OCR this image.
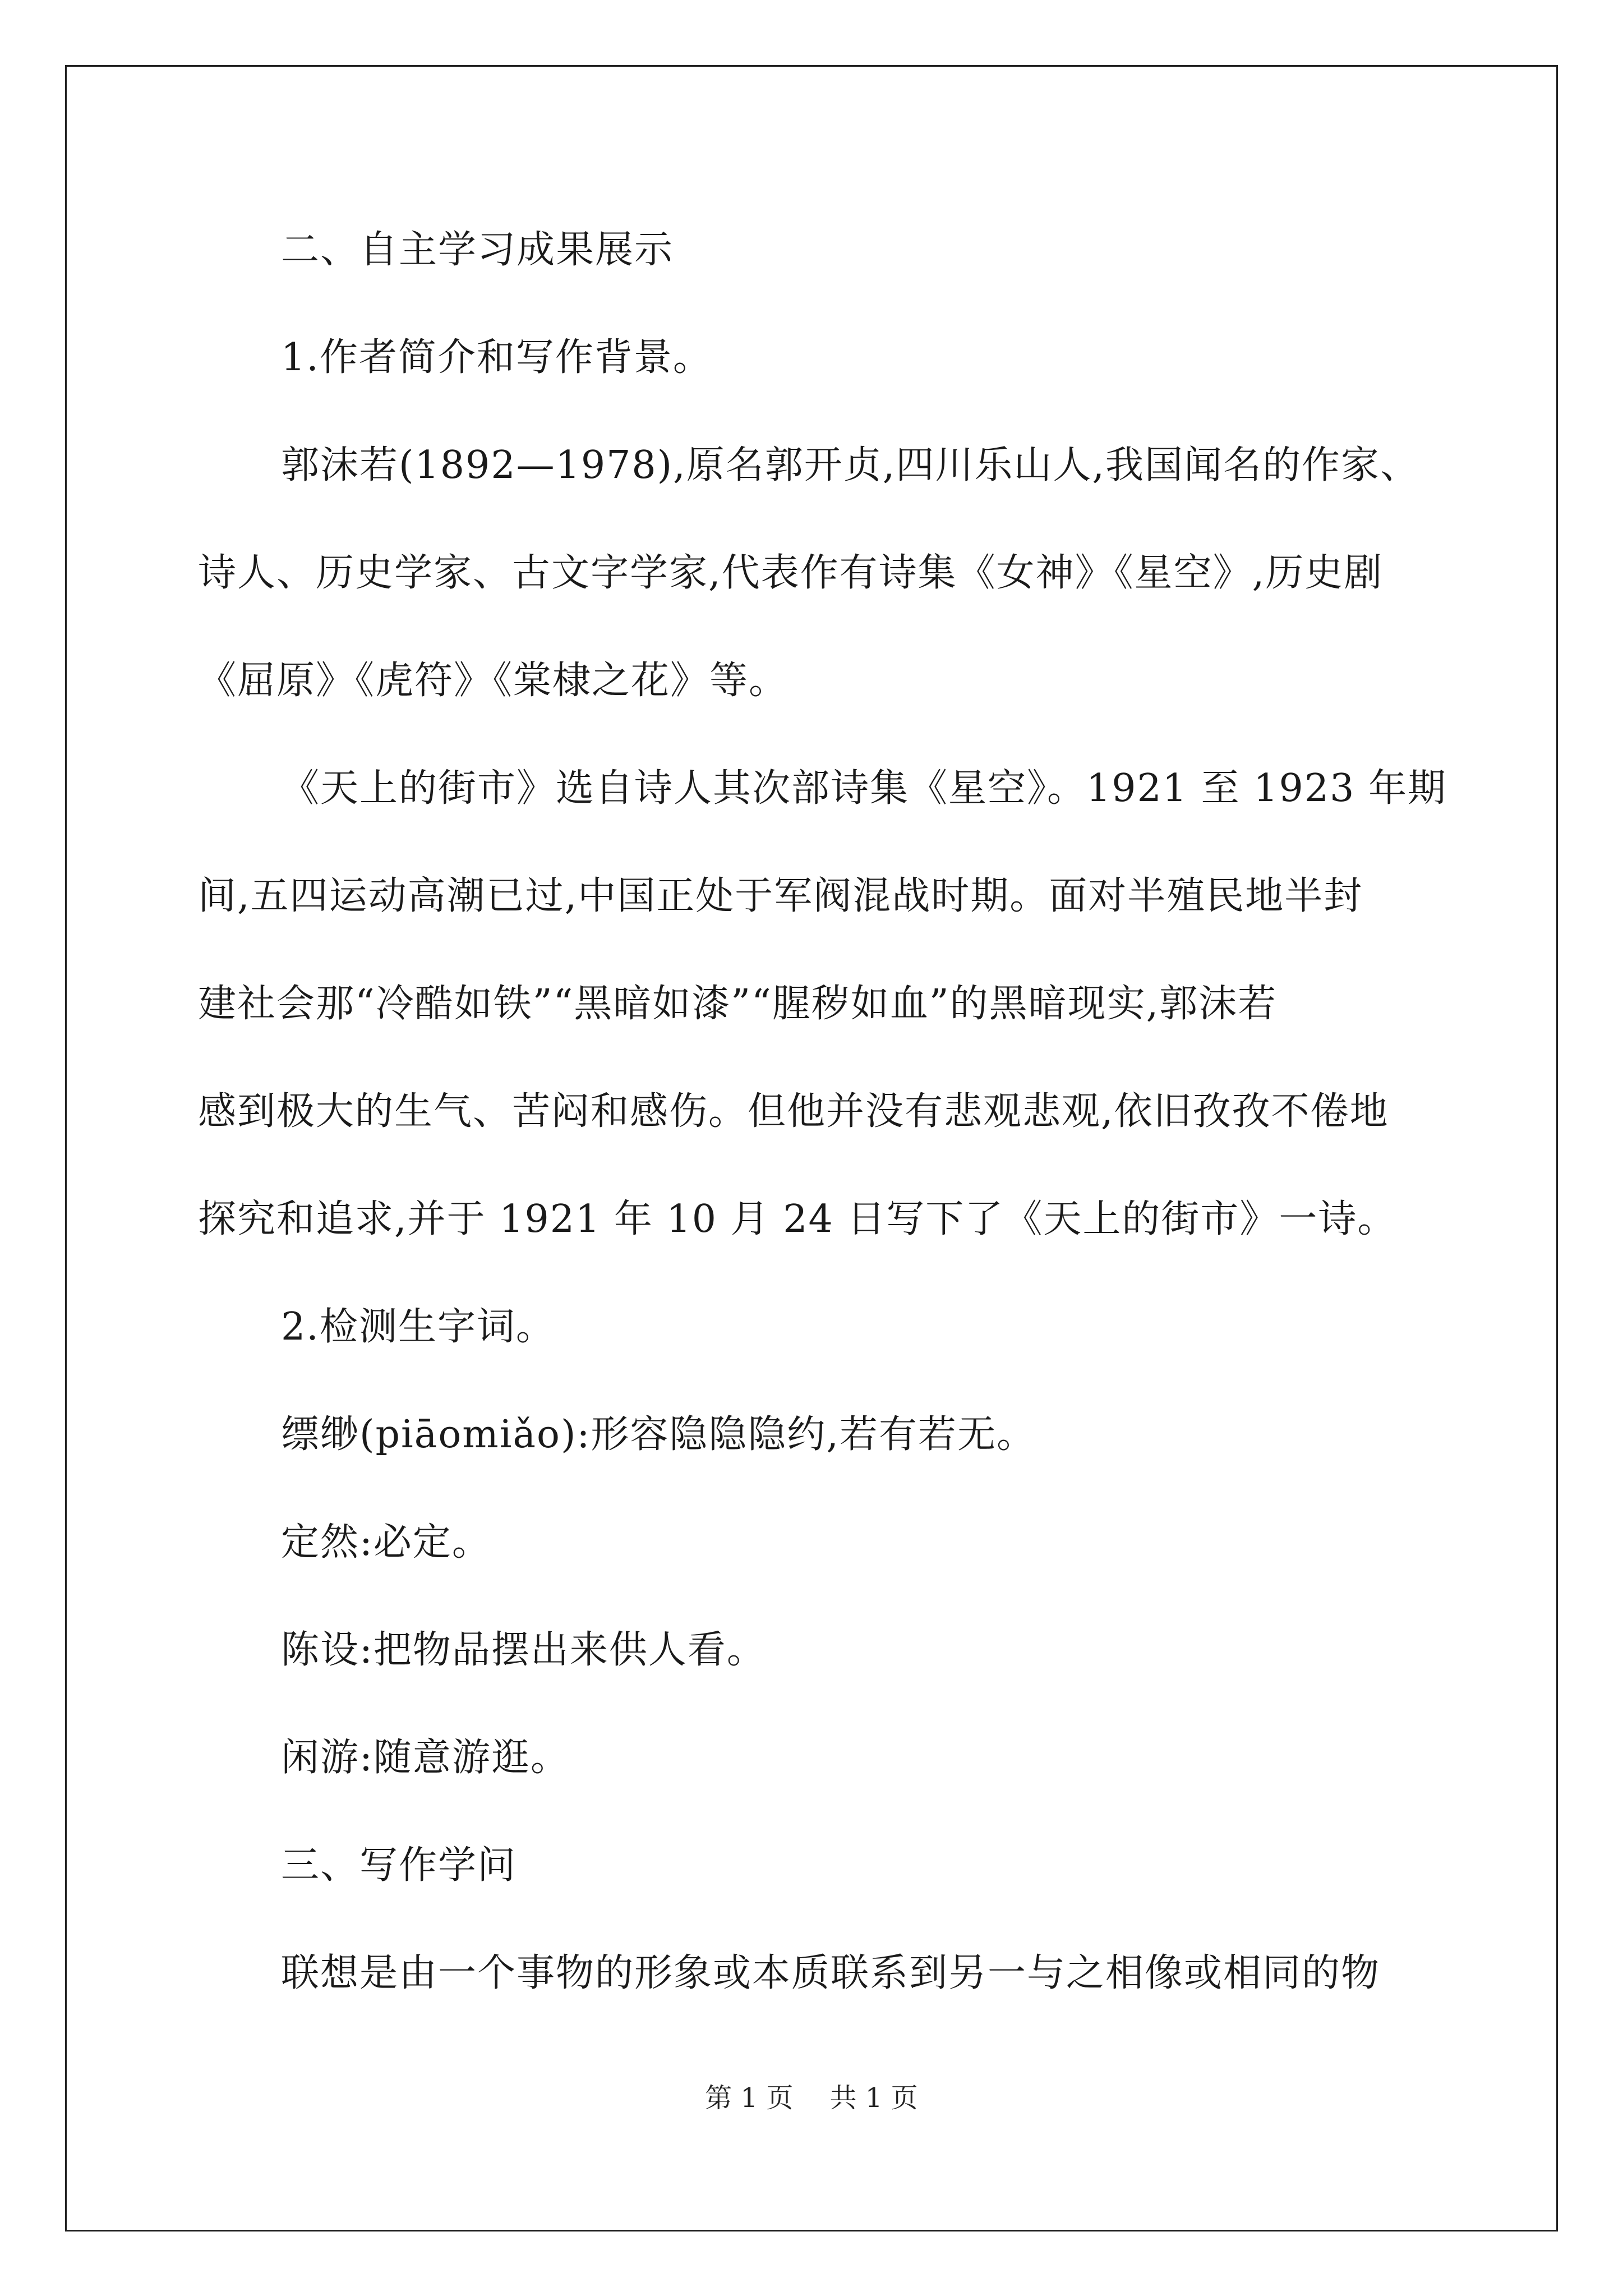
二、自主学习成果展示

1.作者简介和写作背景。

郭沫若(1892—1978),原名郭开贞,四川乐山人,我国闻名的作家、

诗人、历史学家、古文字学家,代表作有诗集《女神》《星空》,历史剧

《屈原》《虎符》《棠棣之花》等。

《天上的街市》选自诗人其次部诗集《星空》。1921 至 1923 年期

间,五四运动高潮已过,中国正处于军阀混战时期。面对半殖民地半封

建社会那“冷酷如铁”“黑暗如漆”“腥秽如血”的黑暗现实,郭沫若

感到极大的生气、苦闷和感伤。但他并没有悲观悲观,依旧孜孜不倦地

探究和追求,并于 1921 年 10 月 24 日写下了《天上的街市》一诗。

2.检测生字词。

缥缈(piāomiǎo):形容隐隐隐约,若有若无。

定然:必定。

陈设:把物品摆出来供人看。

闲游:随意游逛。

三、写作学问

联想是由一个事物的形象或本质联系到另一与之相像或相同的物

第 1 页 共 1 页
